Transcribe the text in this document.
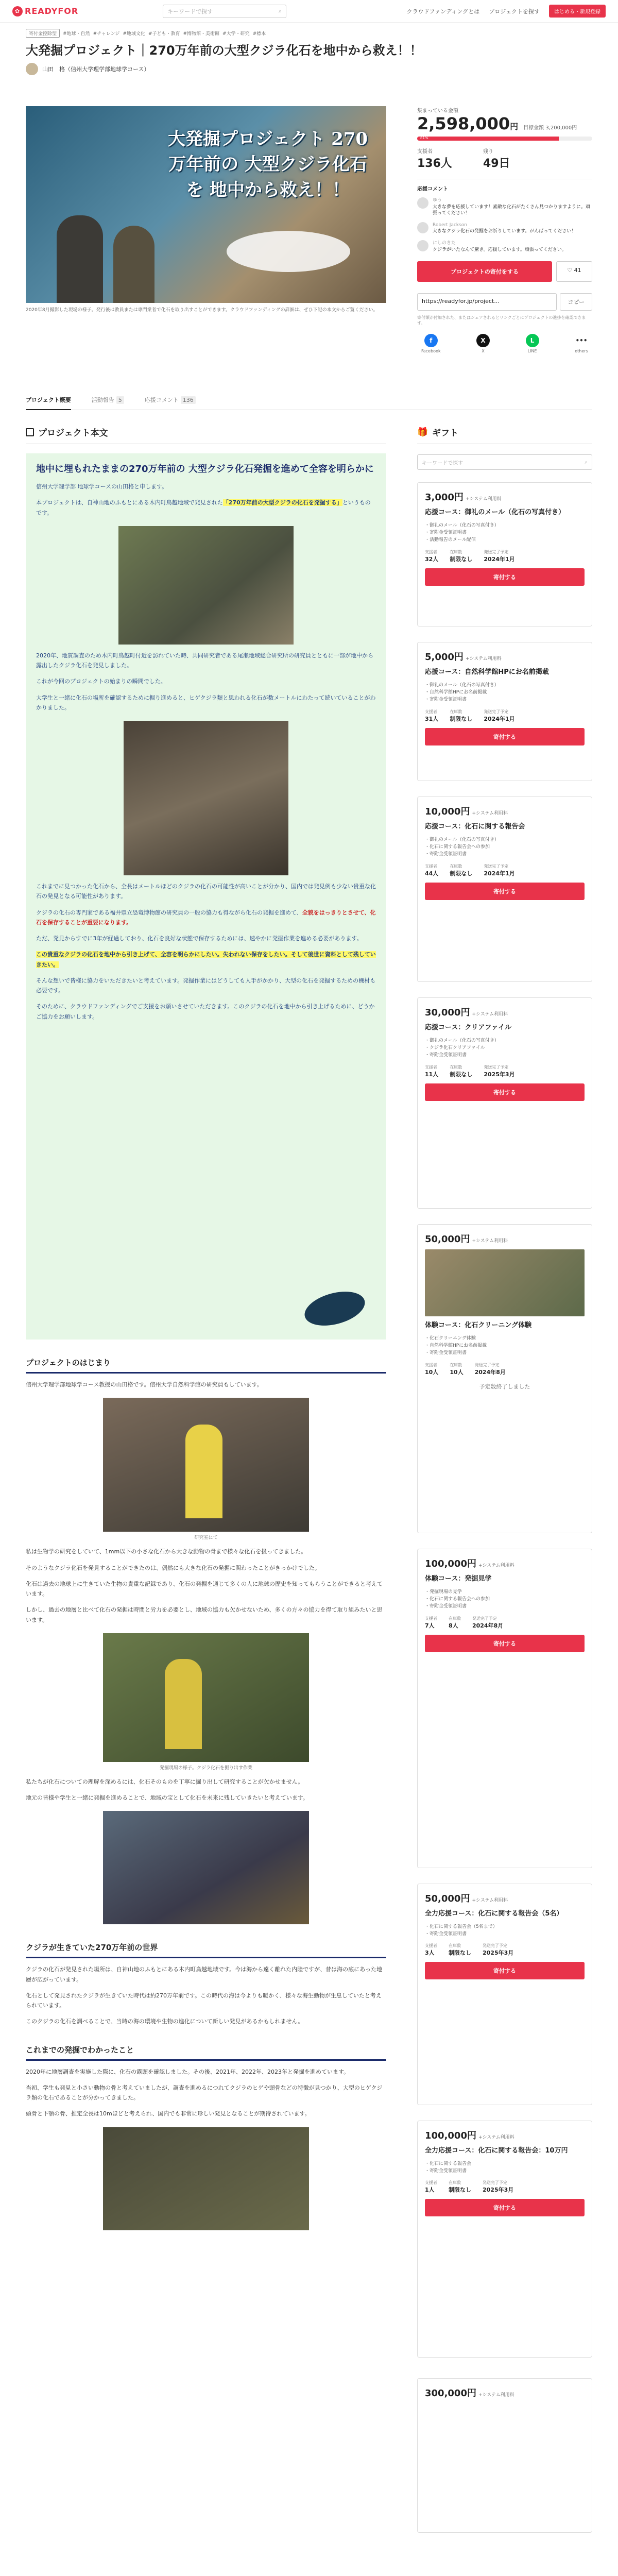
✿ READYFOR	キーワードで探す	⌕	クラウドファンディングとは プロジェクトを探す	はじめる・新規登録
寄付金控除型	#地球・自然 #チャレンジ #地域文化 #子ども・教育 #博物館・美術館 #大学・研究 #標本
大発掘プロジェクト｜270万年前の大型クジラ化石を地中から救え！！
山田　格（信州大学理学部地球学コース）
大発掘プロジェクト 270万年前の 大型クジラ化石を 地中から救え！！
2020年8月撮影した現場の様子。発行後は教員または専門業者で化石を取り出すことができます。クラウドファンディングの詳細は、ぜひ下記の本文からご覧ください。
集まっている金額
2,598,000円 目標金額 3,200,000円
81%
支援者
136人
残り
49日
応援コメント
ゆう
大きな夢を応援しています！素敵な化石がたくさん見つかりますように。頑張ってください！
Robert Jackson
大きなクジラ化石の発掘をお祈りしています。がんばってください！
にしのきた
クジラがいたなんて驚き。応援しています。頑張ってください。
プロジェクトの寄付をする	♡ 41
https://readyfor.jp/project...	コピー
寄付額が付加された、またはシェアされるとリンクごとにプロジェクトの進捗を確認できます。
f
Facebook
X
X
L
LINE
•••
others
プロジェクト概要	活動報告 5	応援コメント 136
プロジェクト本文
地中に埋もれたままの270万年前の 大型クジラ化石発掘を進めて全容を明らかに

信州大学理学部 地球学コースの山田格と申します。

本プロジェクトは、自神山地のふもとにある木内町鳥越地域で発見された「270万年前の大型クジラの化石を発掘する」というものです。

2020年、地質調査のため木内町鳥越町付近を訪れていた時、共同研究者である尾瀬地域総合研究所の研究員とともに一部が地中から露出したクジラ化石を発見しました。

これが今回のプロジェクトの始まりの瞬間でした。

大学生と一緒に化石の場所を確認するために掘り進めると、ヒゲクジラ類と思われる化石が数メートルにわたって続いていることがわかりました。

これまでに見つかった化石から、全長はメートルほどのクジラの化石の可能性が高いことが分かり、国内では発見例も少ない貴重な化石の発見となる可能性があります。

クジラの化石の専門家である福井県立恐竜博物館の研究員の一般の協力も得ながら化石の発掘を進めて、全貌をはっきりとさせて、化石を保存することが重要になります。

ただ、発見からすでに3年が経過しており、化石を良好な状態で保存するためには、速やかに発掘作業を進める必要があります。

この貴重なクジラの化石を地中から引き上げて、全容を明らかにしたい。失われない保存をしたい。そして後世に資料として残していきたい。

そんな想いで皆様に協力をいただきたいと考えています。発掘作業にはどうしても人手がかかり、大型の化石を発掘するための機材も必要です。

そのために、クラウドファンディングでご支援をお願いさせていただきます。このクジラの化石を地中から引き上げるために、どうかご協力をお願いします。

プロジェクトのはじまり

信州大学理学部地球学コース教授の山田格です。信州大学自然科学館の研究員もしています。

研究室にて

私は生物学の研究をしていて、1mm以下の小さな化石から大きな動物の骨まで様々な化石を扱ってきました。

そのようなクジラ化石を発見することができたのは、偶然にも大きな化石の発掘に関わったことがきっかけでした。

化石は過去の地球上に生きていた生物の貴重な記録であり、化石の発掘を通じて多くの人に地球の歴史を知ってもらうことができると考えています。

しかし、過去の地層と比べて化石の発掘は時間と労力を必要とし、地域の協力も欠かせないため、多くの方々の協力を得て取り組みたいと思います。

発掘現場の様子。クジラ化石を掘り出す作業

私たちが化石についての理解を深めるには、化石そのものを丁寧に掘り出して研究することが欠かせません。

地元の皆様や学生と一緒に発掘を進めることで、地域の宝として化石を未来に残していきたいと考えています。

クジラが生きていた270万年前の世界

クジラの化石が発見された場所は、自神山地のふもとにある木内町鳥越地域です。今は海から遠く離れた内陸ですが、昔は海の底にあった地層が広がっています。

化石として発見されたクジラが生きていた時代は約270万年前です。この時代の海は今よりも暖かく、様々な海生動物が生息していたと考えられています。

このクジラの化石を調べることで、当時の海の環境や生物の進化について新しい発見があるかもしれません。

これまでの発掘でわかったこと

2020年に地層調査を実施した際に、化石の露頭を確認しました。その後、2021年、2022年、2023年と発掘を進めています。

当初、学生も発見と小さい動物の骨と考えていましたが、調査を進めるにつれてクジラのヒゲや頭骨などの特徴が見つかり、大型のヒゲクジラ類の化石であることが分かってきました。

頭骨と下顎の骨、推定全長は10mほどと考えられ、国内でも非常に珍しい発見となることが期待されています。

🎁 ギフト
キーワードで探す	⌕
3,000円 +システム利用料
応援コース：御礼のメール（化石の写真付き）
・御礼のメール（化石の写真付き）
・寄附金受領証明書
・活動報告のメール配信
支援者
32人
在庫数
制限なし
発送完了予定
2024年1月
寄付する
5,000円 +システム利用料
応援コース：自然科学館HPにお名前掲載
・御礼のメール（化石の写真付き）
・自然科学館HPにお名前掲載
・寄附金受領証明書
支援者
31人
在庫数
制限なし
発送完了予定
2024年1月
寄付する
10,000円 +システム利用料
応援コース：化石に関する報告会
・御礼のメール（化石の写真付き）
・化石に関する報告会への参加
・寄附金受領証明書
支援者
44人
在庫数
制限なし
発送完了予定
2024年1月
寄付する
30,000円 +システム利用料
応援コース：クリアファイル
・御礼のメール（化石の写真付き）
・クジラ化石クリアファイル
・寄附金受領証明書
支援者
11人
在庫数
制限なし
発送完了予定
2025年3月
寄付する
50,000円 +システム利用料
体験コース：化石クリーニング体験
・化石クリーニング体験
・自然科学館HPにお名前掲載
・寄附金受領証明書
支援者
10人
在庫数
10人
発送完了予定
2024年8月
予定数終了しました
100,000円 +システム利用料
体験コース：発掘見学
・発掘現場の見学
・化石に関する報告会への参加
・寄附金受領証明書
支援者
7人
在庫数
8人
発送完了予定
2024年8月
寄付する
50,000円 +システム利用料
全力応援コース：化石に関する報告会（5名）
・化石に関する報告会（5名まで）
・寄附金受領証明書
支援者
3人
在庫数
制限なし
発送完了予定
2025年3月
寄付する
100,000円 +システム利用料
全力応援コース：化石に関する報告会：10万円
・化石に関する報告会
・寄附金受領証明書
支援者
1人
在庫数
制限なし
発送完了予定
2025年3月
寄付する
300,000円 +システム利用料
